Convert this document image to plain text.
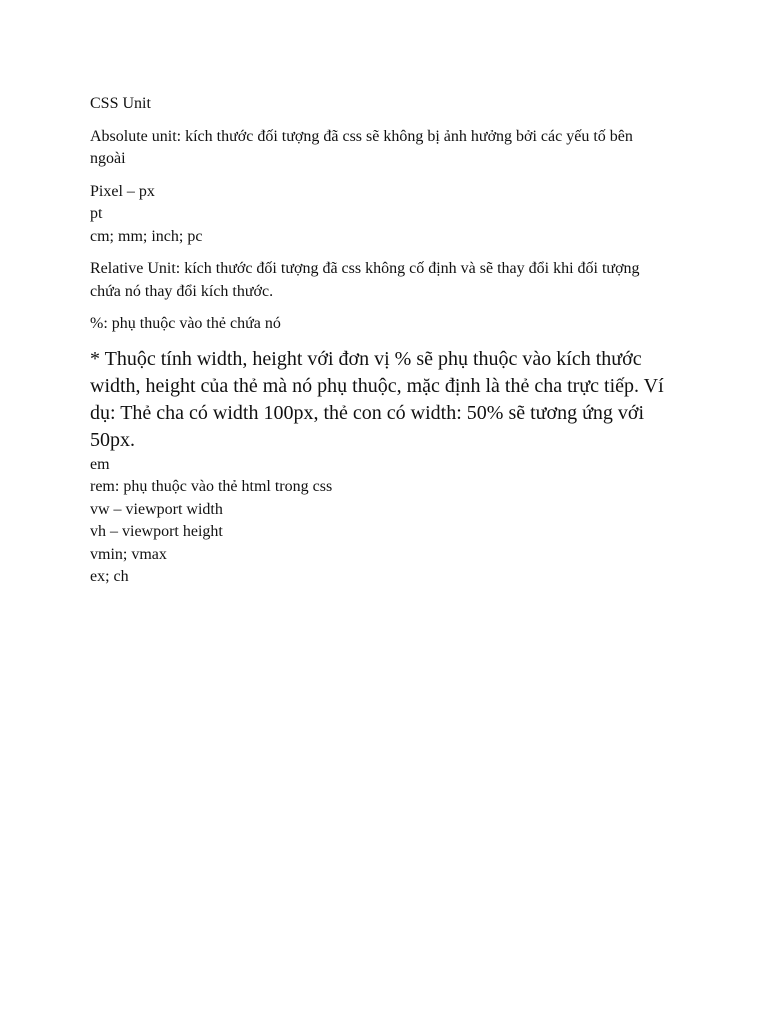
CSS Unit

Absolute unit: kích thước đối tượng đã css sẽ không bị ảnh hưởng bởi các yếu tố bên ngoài

Pixel – px
pt
cm; mm; inch; pc

Relative Unit: kích thước đối tượng đã css không cố định và sẽ thay đổi khi đối tượng chứa nó thay đổi kích thước.

%: phụ thuộc vào thẻ chứa nó

* Thuộc tính width, height với đơn vị % sẽ phụ thuộc vào kích thước width, height của thẻ mà nó phụ thuộc, mặc định là thẻ cha trực tiếp. Ví dụ: Thẻ cha có width 100px, thẻ con có width: 50% sẽ tương ứng với 50px.

em
rem: phụ thuộc vào thẻ html trong css
vw – viewport width
vh – viewport height
vmin; vmax
ex; ch
